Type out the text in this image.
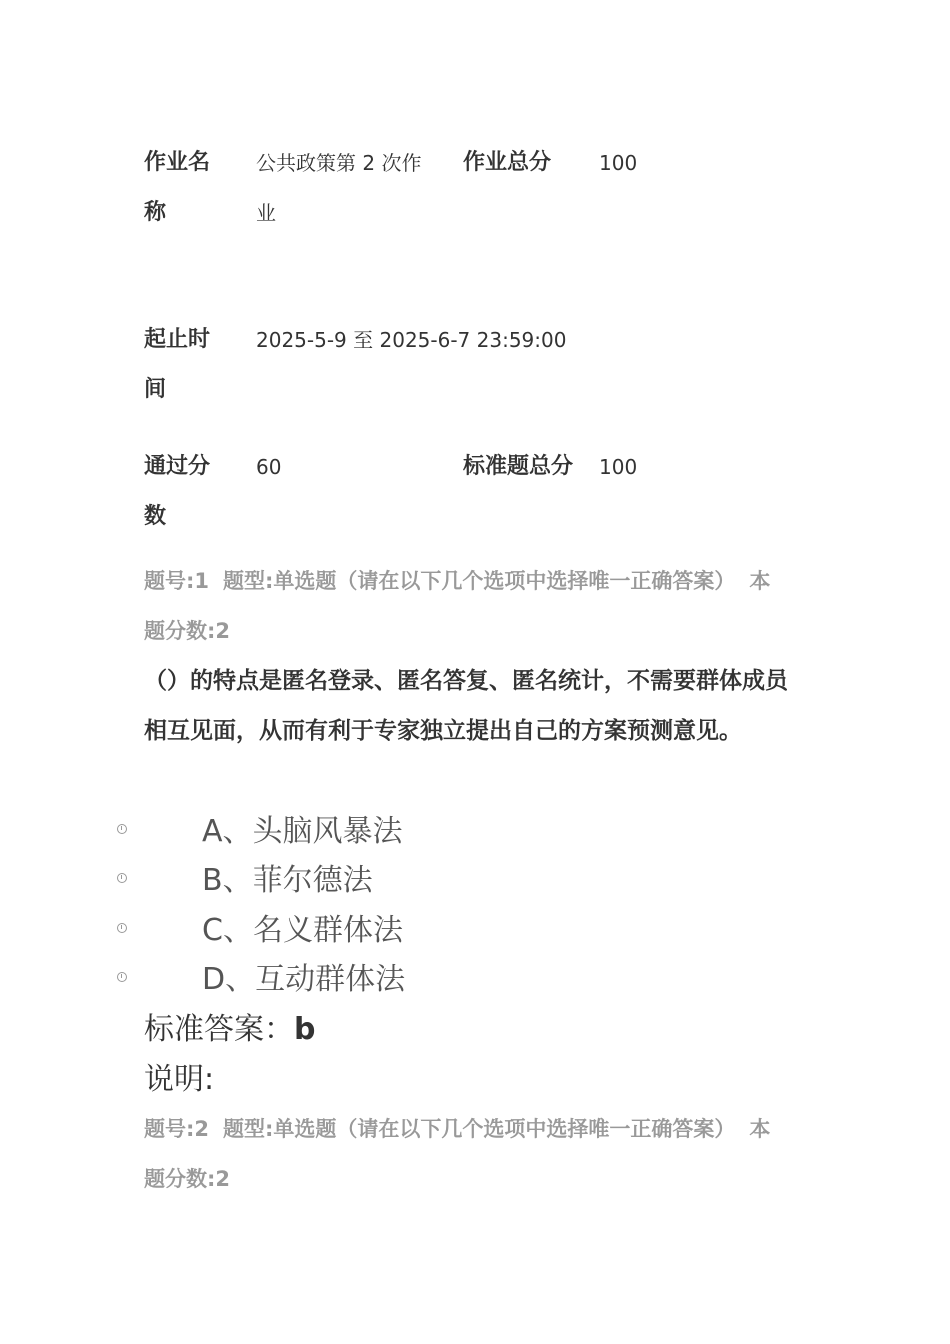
作业名称
公共政策第 2 次作业
作业总分	100
起止时间
2025-5-9 至 2025-6-7 23:59:00
通过分数
60	标准题总分 100
题号:1 题型:单选题（请在以下几个选项中选择唯一正确答案） 本题分数:2
（）的特点是匿名登录、匿名答复、匿名统计，不需要群体成员相互见面，从而有利于专家独立提出自己的方案预测意见。
A、头脑风暴法
B、菲尔德法
C、名义群体法
D、互动群体法
标准答案：b
说明:
题号:2 题型:单选题（请在以下几个选项中选择唯一正确答案） 本题分数:2
